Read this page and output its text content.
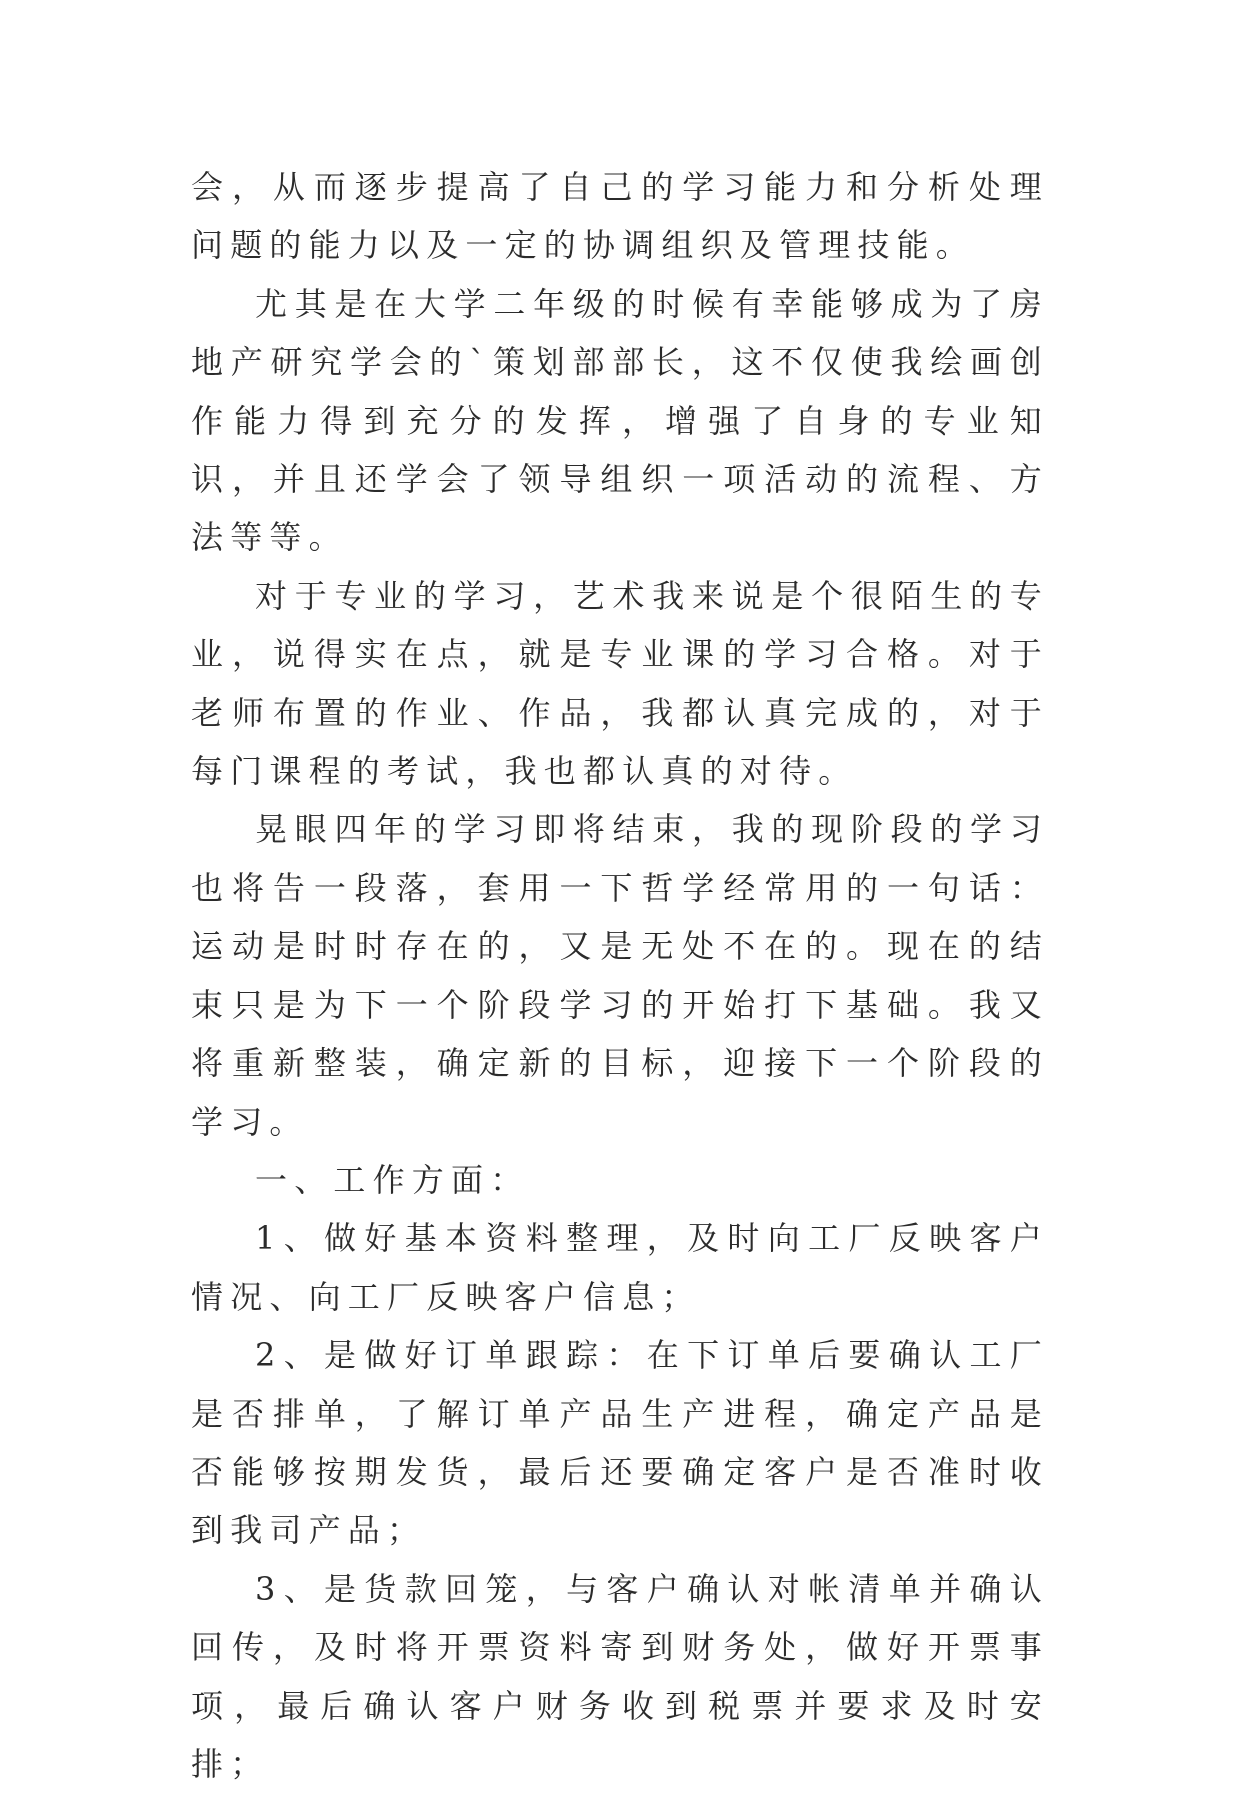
会，从而逐步提高了自己的学习能力和分析处理问题的能力以及一定的协调组织及管理技能。

尤其是在大学二年级的时候有幸能够成为了房地产研究学会的`策划部部长，这不仅使我绘画创作能力得到充分的发挥，增强了自身的专业知识，并且还学会了领导组织一项活动的流程、方法等等。

对于专业的学习，艺术我来说是个很陌生的专业，说得实在点，就是专业课的学习合格。对于老师布置的作业、作品，我都认真完成的，对于每门课程的考试，我也都认真的对待。

晃眼四年的学习即将结束，我的现阶段的学习也将告一段落，套用一下哲学经常用的一句话：运动是时时存在的，又是无处不在的。现在的结束只是为下一个阶段学习的开始打下基础。我又将重新整装，确定新的目标，迎接下一个阶段的学习。

一、工作方面：

1、做好基本资料整理，及时向工厂反映客户情况、向工厂反映客户信息；

2、是做好订单跟踪：在下订单后要确认工厂是否排单，了解订单产品生产进程，确定产品是否能够按期发货，最后还要确定客户是否准时收到我司产品；

3、是货款回笼，与客户确认对帐清单并确认回传，及时将开票资料寄到财务处，做好开票事项，最后确认客户财务收到税票并要求及时安排；
